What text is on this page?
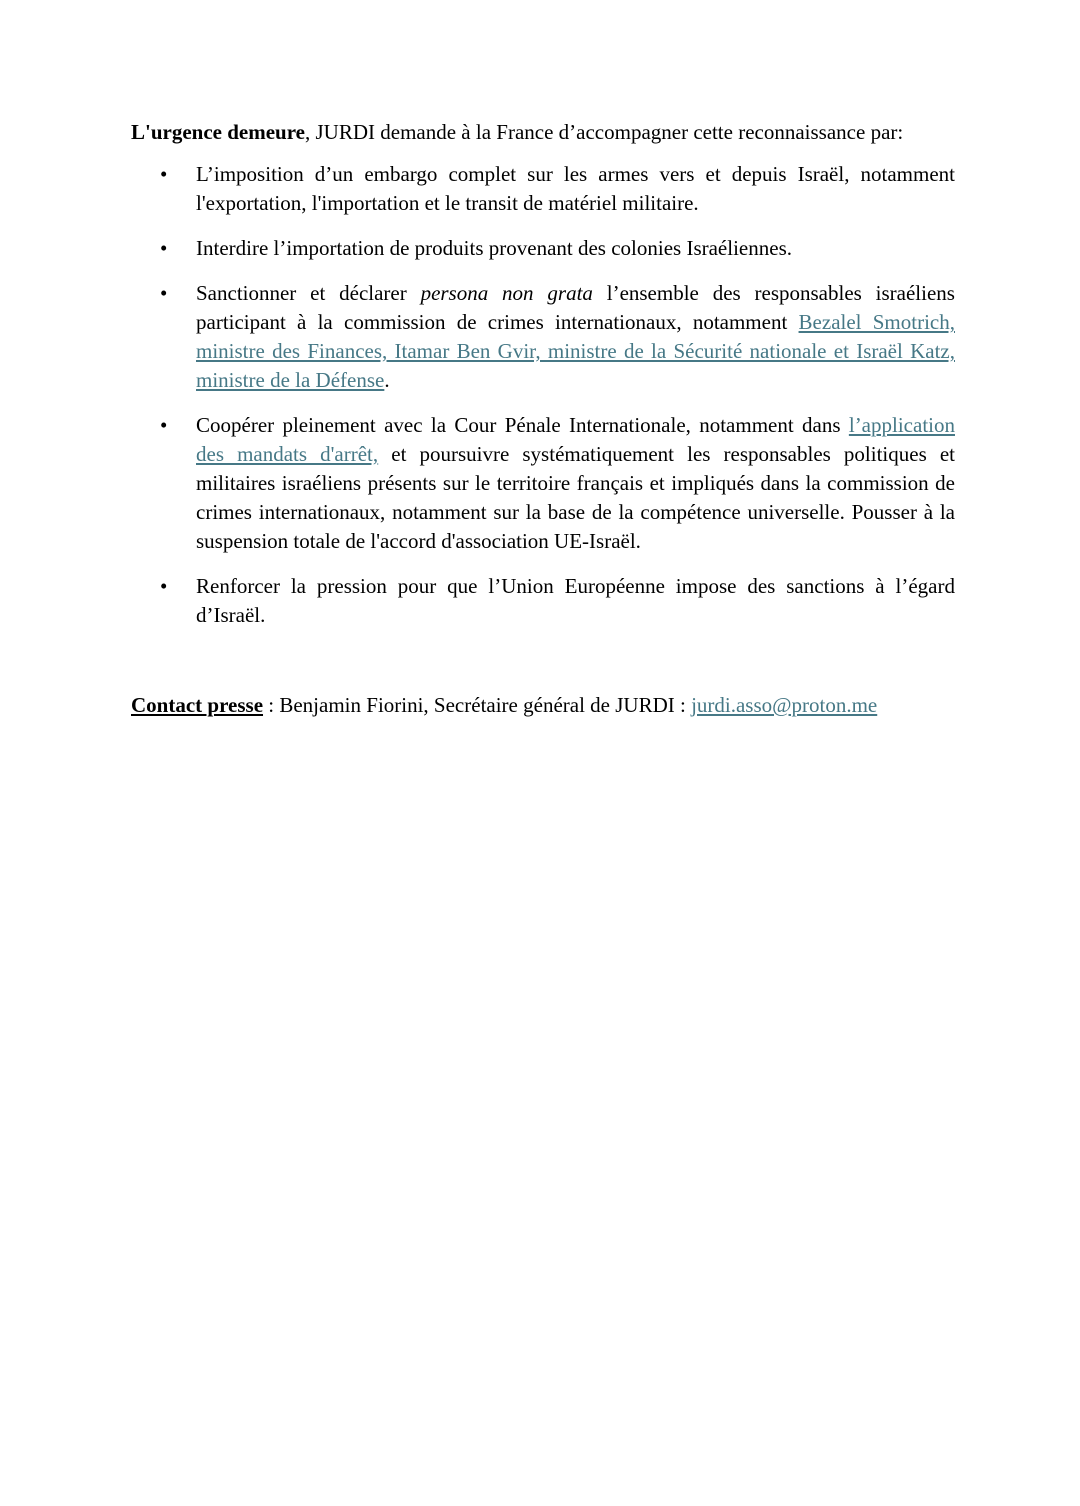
L'urgence demeure, JURDI demande à la France d’accompagner cette reconnaissance par:

• L’imposition d’un embargo complet sur les armes vers et depuis Israël, notamment l'exportation, l'importation et le transit de matériel militaire.
• Interdire l’importation de produits provenant des colonies Israéliennes.
• Sanctionner et déclarer persona non grata l’ensemble des responsables israéliens participant à la commission de crimes internationaux, notamment Bezalel Smotrich, ministre des Finances, Itamar Ben Gvir, ministre de la Sécurité nationale et Israël Katz, ministre de la Défense.
• Coopérer pleinement avec la Cour Pénale Internationale, notamment dans l’application des mandats d'arrêt, et poursuivre systématiquement les responsables politiques et militaires israéliens présents sur le territoire français et impliqués dans la commission de crimes internationaux, notamment sur la base de la compétence universelle. Pousser à la suspension totale de l'accord d'association UE-Israël.
• Renforcer la pression pour que l’Union Européenne impose des sanctions à l’égard d’Israël.

Contact presse : Benjamin Fiorini, Secrétaire général de JURDI : jurdi.asso@proton.me
